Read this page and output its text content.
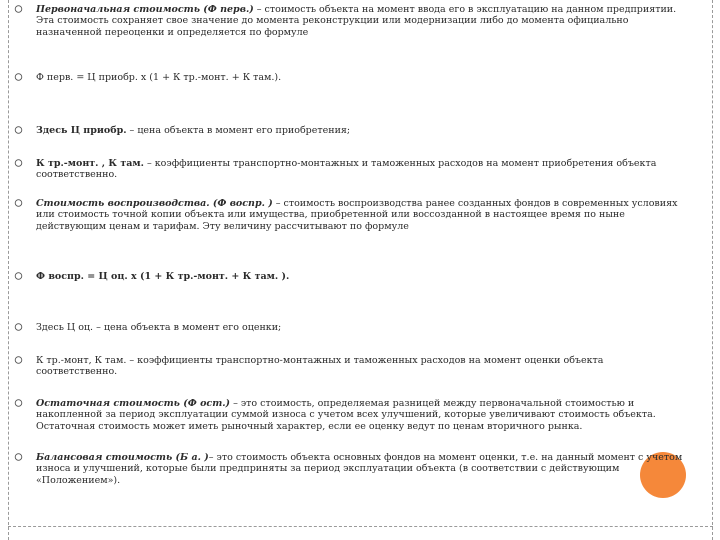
Первоначальная стоимость (Ф перв.) – стоимость объекта на момент ввода его в эксплуатацию на данном предприятии. Эта стоимость сохраняет свое значение до момента реконструкции или модернизации либо до момента официально назначенной переоценки и определяется по формуле
Ф перв. = Ц приобр. х (1 + К тр.-монт. + К там.).
Здесь Ц приобр. – цена объекта в момент его приобретения;
К тр.-монт. , К там. – коэффициенты транспортно-монтажных и таможенных расходов на момент приобретения объекта соответственно.
Стоимость воспроизводства. (Ф воспр. ) – стоимость воспроизводства ранее созданных фондов в современных условиях или стоимость точной копии объекта или имущества, приобретенной или воссозданной в настоящее время по ныне действующим ценам и тарифам. Эту величину рассчитывают по формуле
Ф воспр. = Ц оц. х (1 + К тр.-монт. + К там. ).
Здесь Ц оц. – цена объекта в момент его оценки;
К тр.-монт, К там. – коэффициенты транспортно-монтажных и таможенных расходов на момент оценки объекта соответственно.
Остаточная стоимость (Ф ост.) – это стоимость, определяемая разницей между первоначальной стоимостью и накопленной за период эксплуатации суммой износа с учетом всех улучшений, которые увеличивают стоимость объекта. Остаточная стоимость может иметь рыночный характер, если ее оценку ведут по ценам вторичного рынка.
Балансовая стоимость (Б а. )– это стоимость объекта основных фондов на момент оценки, т.е. на данный момент с учетом износа и улучшений, которые были предприняты за период эксплуатации объекта (в соответствии с действующим «Положением»).
